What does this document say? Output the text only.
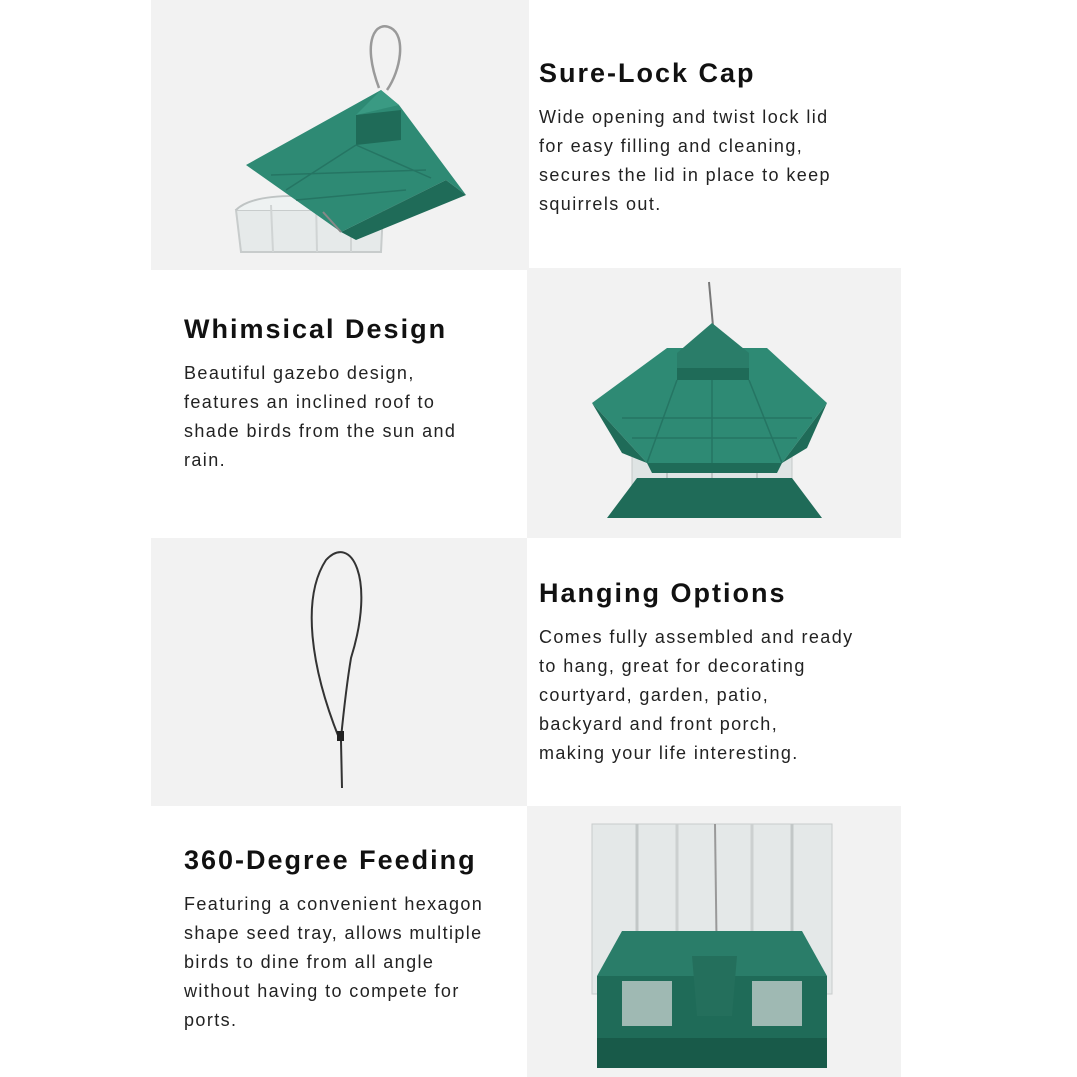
Sure-Lock Cap

Wide opening and twist lock lid
for easy filling and cleaning,
secures the lid in place to keep
squirrels out.

Whimsical Design

Beautiful gazebo design,
features an inclined roof to
shade birds from the sun and
rain.

Hanging Options

Comes fully assembled and ready
to hang, great for decorating
courtyard, garden, patio,
backyard and front porch,
making your life interesting.

360-Degree Feeding

Featuring a convenient hexagon
shape seed tray, allows multiple
birds to dine from all angle
without having to compete for
ports.
